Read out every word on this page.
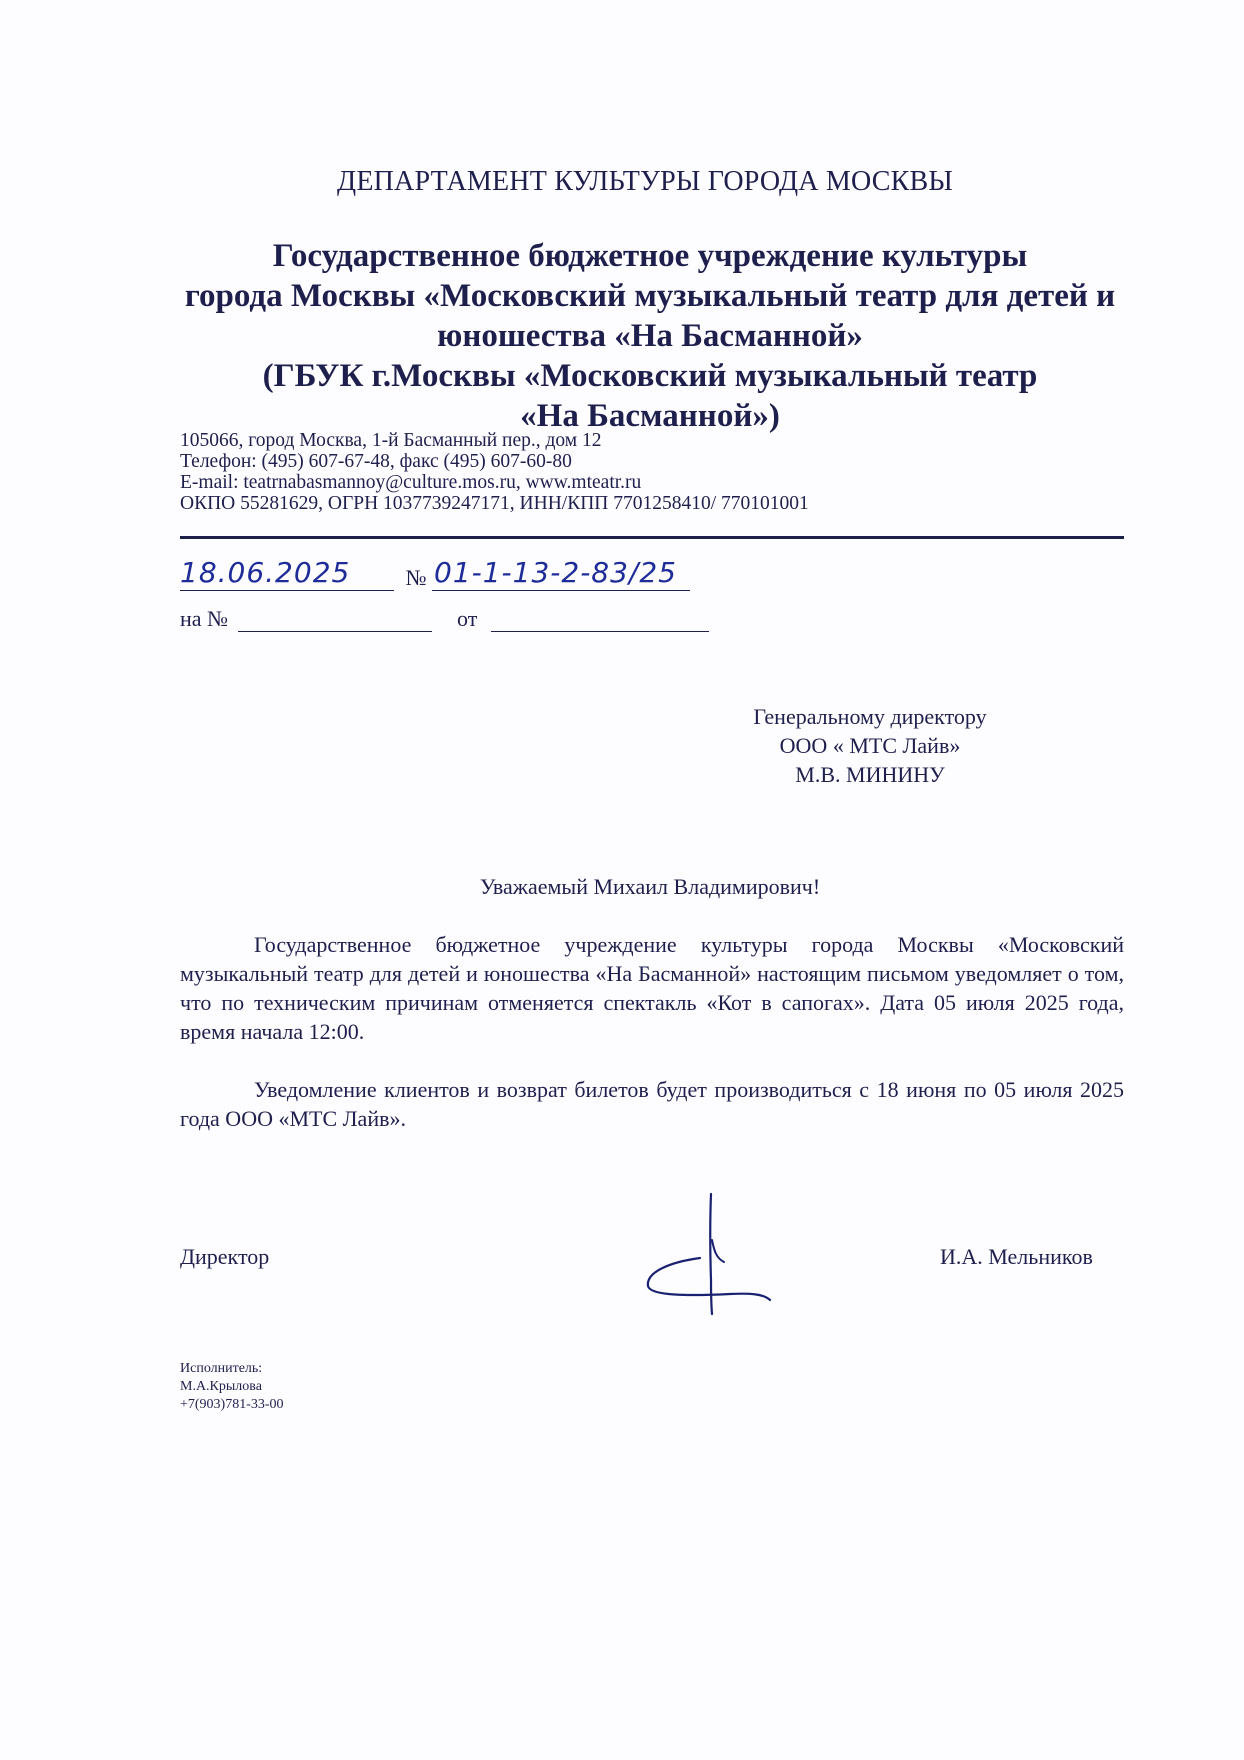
ДЕПАРТАМЕНТ КУЛЬТУРЫ ГОРОДА МОСКВЫ
Государственное бюджетное учреждение культуры
города Москвы «Московский музыкальный театр для детей и
юношества «На Басманной»
(ГБУК г.Москвы «Московский музыкальный театр
«На Басманной»)
105066, город Москва, 1-й Басманный пер., дом 12
Телефон: (495) 607-67-48, факс (495) 607-60-80
E-mail: teatrnabasmannoy@culture.mos.ru, www.mteatr.ru
ОКПО 55281629, ОГРН 1037739247171, ИНН/КПП 7701258410/ 770101001
18.06.2025	№ 01-1-13-2-83/25
на №	от
Генеральному директору
ООО « МТС Лайв»
М.В. МИНИНУ
Уважаемый Михаил Владимирович!

Государственное бюджетное учреждение культуры города Москвы «Московский музыкальный театр для детей и юношества «На Басманной» настоящим письмом уведомляет о том, что по техническим причинам отменяется спектакль «Кот в сапогах». Дата 05 июля 2025 года, время начала 12:00.

Уведомление клиентов и возврат билетов будет производиться с 18 июня по 05 июля 2025 года ООО «МТС Лайв».

Директор	И.А. Мельников
Исполнитель:
М.А.Крылова
+7(903)781-33-00
